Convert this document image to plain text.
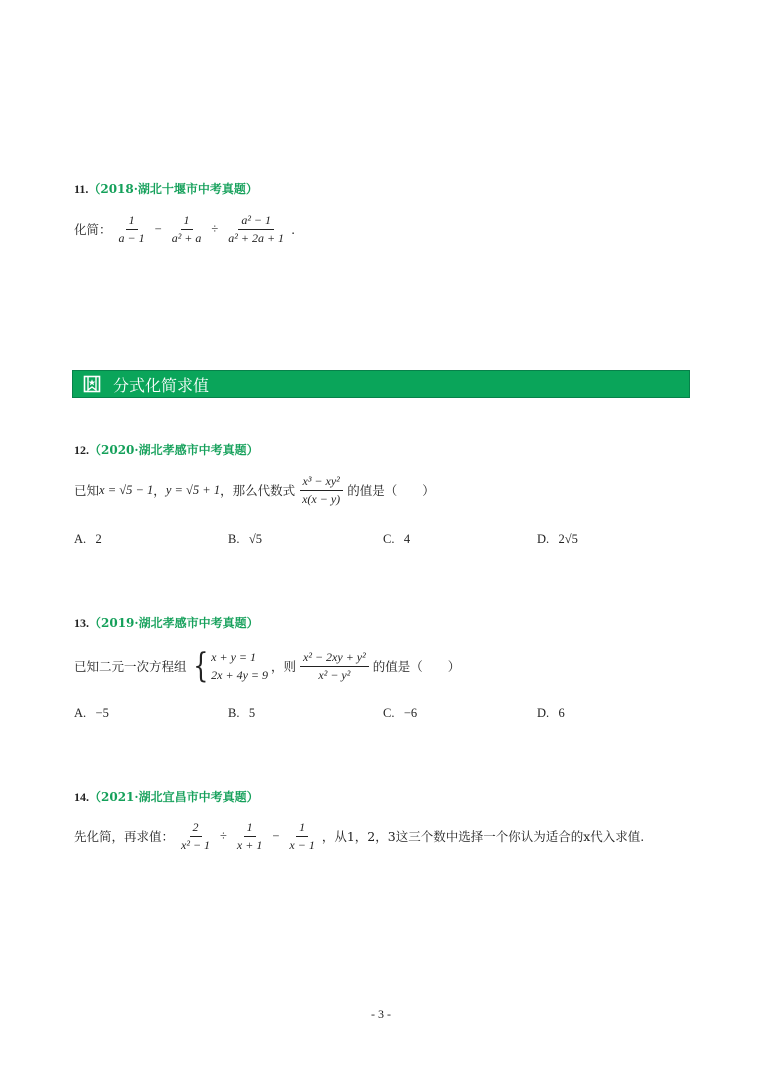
11.（2018·湖北十堰市中考真题）
化简： $\frac{1}{a - 1} - \frac{1}{\text{a² + a}} \div \frac{\text{a² − 1}}{\text{a² + 2a + 1}}$ .
分式化简求值
12.（2020·湖北孝感市中考真题）
已知 x = √5 − 1 ， y = √5 + 1 ，那么代数式 $\frac{\text{x³ − xy²}}{x(x - y)}$ 的值是（　　）
A. 2	B. √5	C. 4	D. 2√5
13.（2019·湖北孝感市中考真题）
已知二元一次方程组 { x + y = 1
2x + 4y = 9
，则 $\frac{\text{x² − 2xy + y²}}{\text{x² − y²}}$ 的值是（　　）
A. −5	B. 5	C. −6	D. 6
14.（2021·湖北宜昌市中考真题）
先化简，再求值： $\frac{2}{\text{x² − 1}} \div \frac{1}{x + 1} - \frac{1}{x - 1}$ ，从1，2，3这三个数中选择一个你认为适合的x代入求值.
- 3 -
